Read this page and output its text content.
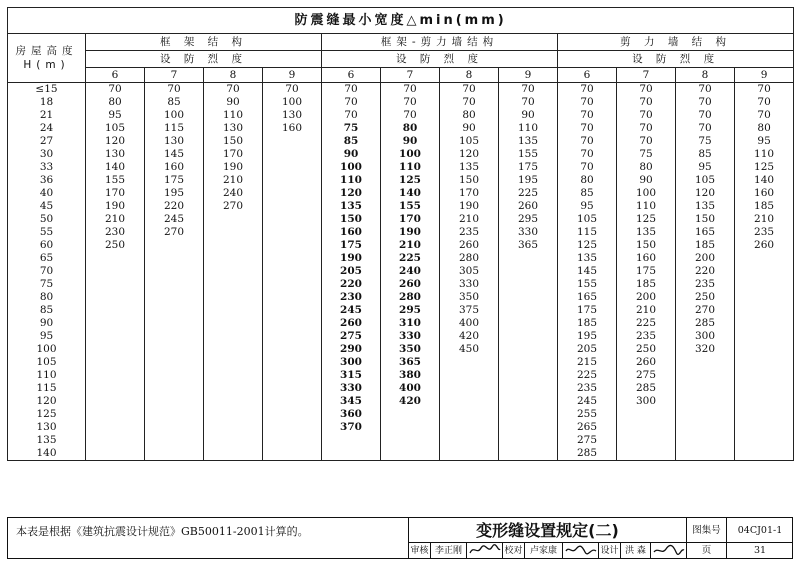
防震缝最小宽度△min(mm)												

房屋高度
H(m)	框 架 结 构				框架-剪力墙结构				剪 力 墙 结 构			
	设 防 烈 度				设 防 烈 度				设 防 烈 度			
	6	7	8	9	6	7	8	9	6	7	8	9
≤15	70	70	70	70	70	70	70	70	70	70	70	70
18	80	85	90	100	70	70	70	70	70	70	70	70
21	95	100	110	130	70	70	80	90	70	70	70	70
24	105	115	130	160	75	80	90	110	70	70	70	80
27	120	130	150		85	90	105	135	70	70	75	95
30	130	145	170		90	100	120	155	70	75	85	110
33	140	160	190		100	110	135	175	70	80	95	125
36	155	175	210		110	125	150	195	80	90	105	140
40	170	195	240		120	140	170	225	85	100	120	160
45	190	220	270		135	155	190	260	95	110	135	185
50	210	245			150	170	210	295	105	125	150	210
55	230	270			160	190	235	330	115	135	165	235
60	250				175	210	260	365	125	150	185	260
65					190	225	280		135	160	200	
70					205	240	305		145	175	220	
75					220	260	330		155	185	235	
80					230	280	350		165	200	250	
85					245	295	375		175	210	270	
90					260	310	400		185	225	285	
95					275	330	420		195	235	300	
100					290	350	450		205	250	320	
105					300	365			215	260		
110					315	380			225	275		
115					330	400			235	285		
120					345	420			245	300		
125					360				255			
130					370				265			
135									275			
140									285			
本表是根据《建筑抗震设计规范》GB50011-2001计算的。	变形缝设置规定(二)	图集号	04CJ01-1
页	31
审核 李正刚	校对 卢家康	设计 洪 森
